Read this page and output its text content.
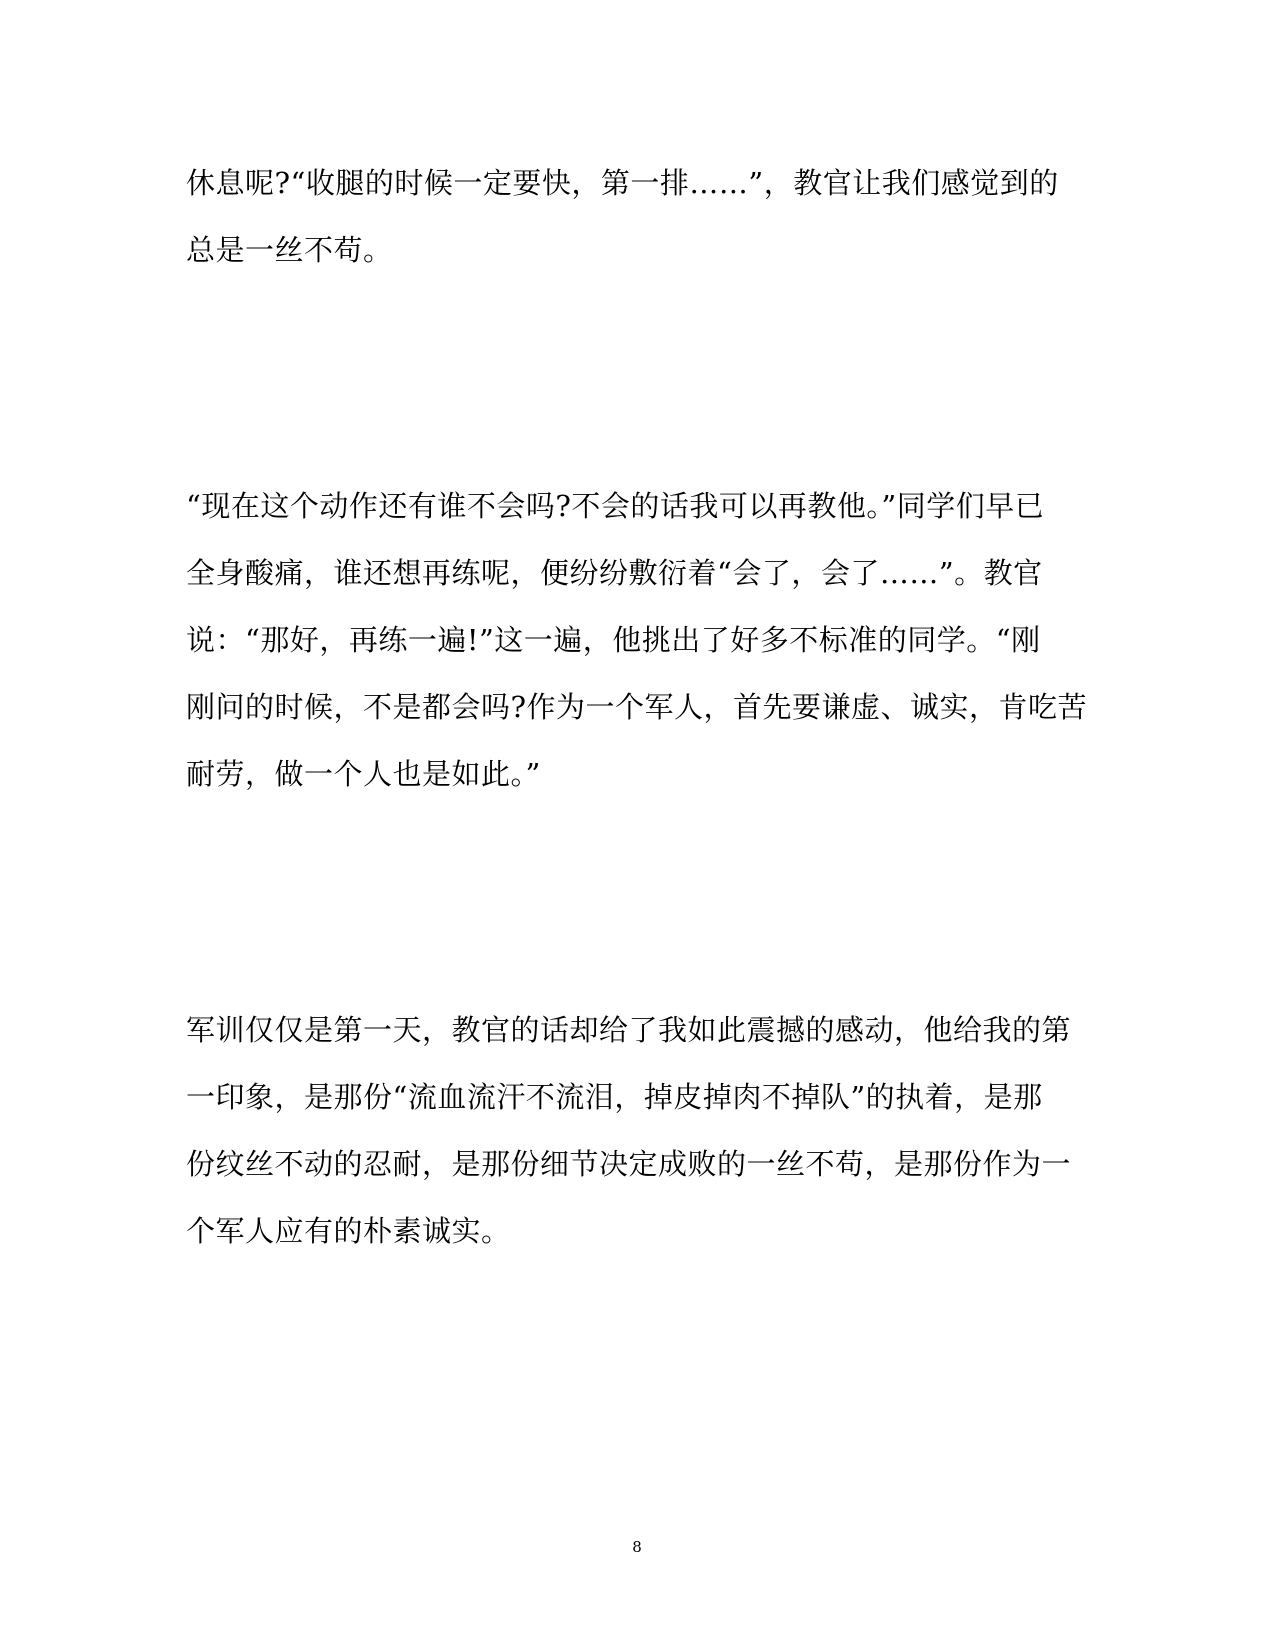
休息呢?“收腿的时候一定要快，第一排……”，教官让我们感觉到的

总是一丝不苟。

“现在这个动作还有谁不会吗?不会的话我可以再教他。”同学们早已

全身酸痛，谁还想再练呢，便纷纷敷衍着“会了，会了……”。教官

说：“那好，再练一遍!”这一遍，他挑出了好多不标准的同学。“刚

刚问的时候，不是都会吗?作为一个军人，首先要谦虚、诚实，肯吃苦

耐劳，做一个人也是如此。”

军训仅仅是第一天，教官的话却给了我如此震撼的感动，他给我的第

一印象，是那份“流血流汗不流泪，掉皮掉肉不掉队”的执着，是那

份纹丝不动的忍耐，是那份细节决定成败的一丝不苟，是那份作为一

个军人应有的朴素诚实。

8
